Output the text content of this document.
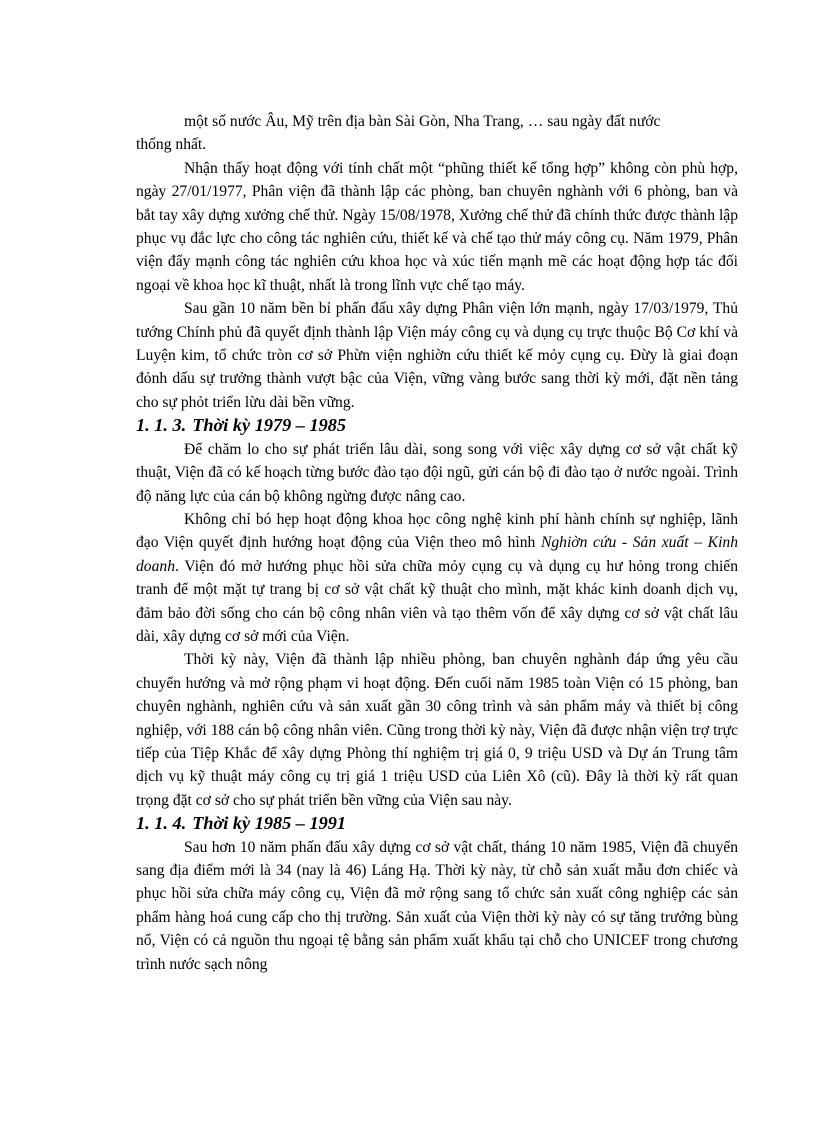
một số nước Âu, Mỹ trên địa bàn Sài Gòn, Nha Trang, … sau ngày đất nước
thống nhất.

Nhận thấy hoạt động với tính chất một “phũng thiết kế tổng hợp” không còn phù hợp, ngày 27/01/1977, Phân viện đã thành lập các phòng, ban chuyên nghành với 6 phòng, ban và bắt tay xây dựng xưởng chế thử. Ngày 15/08/1978, Xưởng chế thử đã chính thức được thành lập phục vụ đắc lực cho công tác nghiên cứu, thiết kế và chế tạo thử máy công cụ. Năm 1979, Phân viện đẩy mạnh công tác nghiên cứu khoa học và xúc tiến mạnh mẽ các hoạt động hợp tác đối ngoại về khoa học kĩ thuật, nhất là trong lĩnh vực chế tạo máy.

Sau gần 10 năm bền bỉ phấn đấu xây dựng Phân viện lớn mạnh, ngày 17/03/1979, Thủ tướng Chính phủ đã quyết định thành lập Viện máy công cụ và dụng cụ trực thuộc Bộ Cơ khí và Luyện kim, tổ chức tròn cơ sở Phừn viện nghiờn cứu thiết kế mỏy cụng cụ. Đừy là giai đoạn đỏnh dấu sự trưởng thành vượt bậc của Viện, vững vàng bước sang thời kỳ mới, đặt nền tảng cho sự phỏt triển lừu dài bền vững.

1. 1. 3. Thời kỳ 1979 – 1985

Để chăm lo cho sự phát triển lâu dài, song song với việc xây dựng cơ sở vật chất kỹ thuật, Viện đã có kế hoạch từng bước đào tạo đội ngũ, gửi cán bộ đi đào tạo ở nước ngoài. Trình độ năng lực của cán bộ không ngừng được nâng cao.

Không chỉ bó hẹp hoạt động khoa học công nghệ kinh phí hành chính sự nghiệp, lãnh đạo Viện quyết định hướng hoạt động của Viện theo mô hình Nghiờn cứu - Sản xuất – Kinh doanh. Viện đó mở hướng phục hồi sửa chữa mỏy cụng cụ và dụng cụ hư hỏng trong chiến tranh để một mặt tự trang bị cơ sở vật chất kỹ thuật cho mình, mặt khác kinh doanh dịch vụ, đảm bảo đời sống cho cán bộ công nhân viên và tạo thêm vốn để xây dựng cơ sở vật chất lâu dài, xây dựng cơ sở mới của Viện.

Thời kỳ này, Viện đã thành lập nhiều phòng, ban chuyên nghành đáp ứng yêu cầu chuyển hướng và mở rộng phạm vi hoạt động. Đến cuối năm 1985 toàn Viện có 15 phòng, ban chuyên nghành, nghiên cứu và sản xuất gần 30 công trình và sản phẩm máy và thiết bị công nghiệp, với 188 cán bộ công nhân viên. Cũng trong thời kỳ này, Viện đã được nhận viện trợ trực tiếp của Tiệp Khắc để xây dựng Phòng thí nghiệm trị giá 0, 9 triệu USD và Dự án Trung tâm dịch vụ kỹ thuật máy công cụ trị giá 1 triệu USD của Liên Xô (cũ). Đây là thời kỳ rất quan trọng đặt cơ sở cho sự phát triển bền vững của Viện sau này.

1. 1. 4. Thời kỳ 1985 – 1991

Sau hơn 10 năm phấn đấu xây dựng cơ sở vật chất, tháng 10 năm 1985, Viện đã chuyển sang địa điểm mới là 34 (nay là 46) Láng Hạ. Thời kỳ này, từ chỗ sản xuất mẫu đơn chiếc và phục hồi sửa chữa máy công cụ, Viện đã mở rộng sang tổ chức sản xuất công nghiệp các sản phẩm hàng hoá cung cấp cho thị trường. Sản xuất của Viện thời kỳ này có sự tăng trưởng bùng nổ, Viện có cả nguồn thu ngoại tệ bằng sản phẩm xuất khẩu tại chỗ cho UNICEF trong chương trình nước sạch nông
